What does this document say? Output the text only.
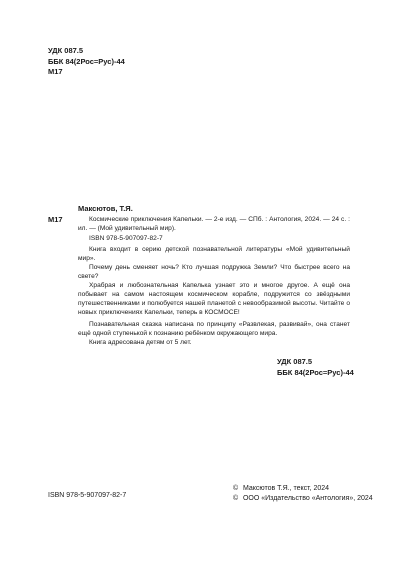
УДК 087.5
ББК 84(2Рос=Рус)-44
М17
Максютов, Т.Я.
М17	Космические приключения Капельки. — 2-е изд. — СПб. : Антология, 2024. — 24 с. : ил. — (Мой удивительный мир).
ISBN 978-5-907097-82-7
Книга входит в серию детской познавательной литературы «Мой удивительный мир».
Почему день сменяет ночь? Кто лучшая подружка Земли? Что быстрее всего на свете?
Храбрая и любознательная Капелька узнает это и многое другое. А ещё она побывает на самом настоящем космическом корабле, подружится со звёздными путешественниками и полюбуется нашей планетой с невообразимой высоты. Читайте о новых приключениях Капельки, теперь в КОСМОСЕ!
Познавательная сказка написана по принципу «Развлекая, развивай», она станет ещё одной ступенькой к познанию ребёнком окружающего мира.
Книга адресована детям от 5 лет.
УДК 087.5
ББК 84(2Рос=Рус)-44
ISBN 978-5-907097-82-7
© Максютов Т.Я., текст, 2024
© ООО «Издательство «Антология», 2024
